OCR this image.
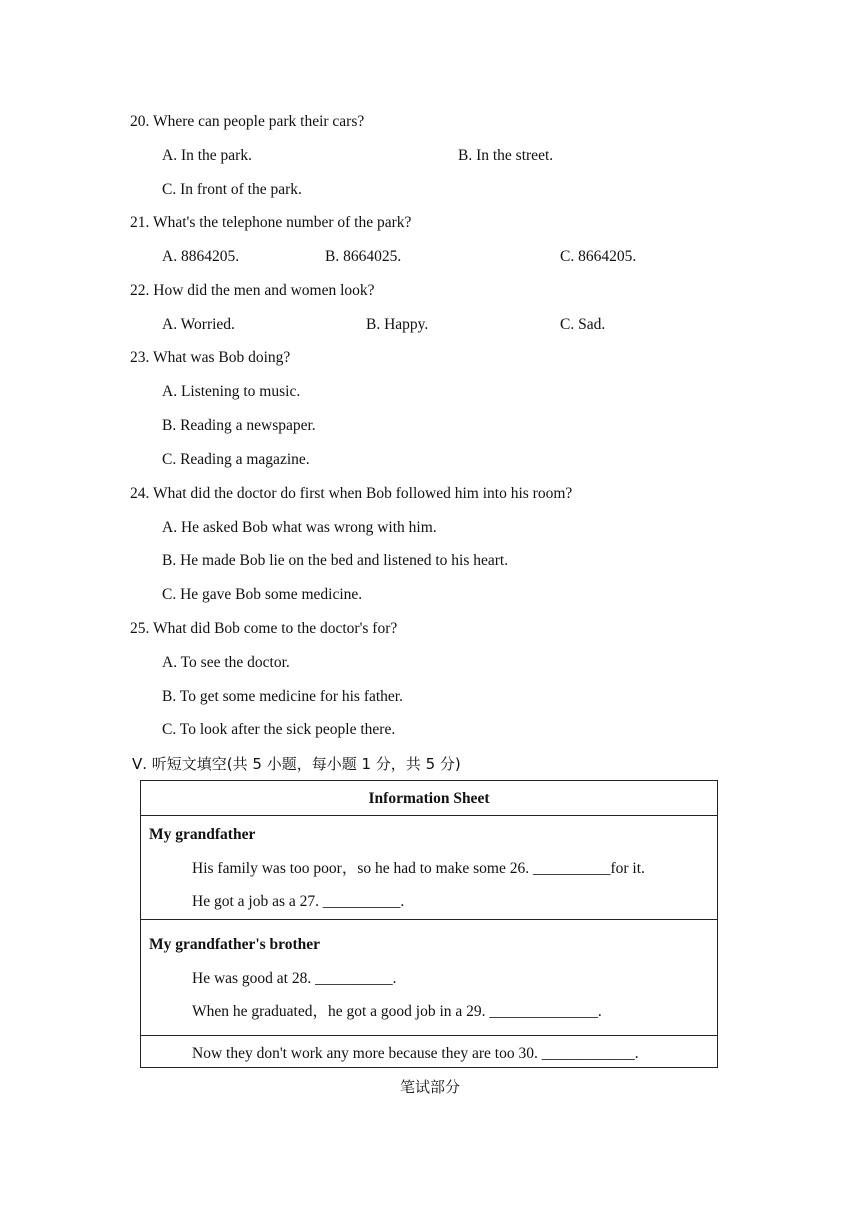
20. Where can people park their cars?
A. In the park.	B. In the street.
C. In front of the park.
21. What's the telephone number of the park?
A. 8864205.	B. 8664025.	C. 8664205.
22. How did the men and women look?
A. Worried.	B. Happy.	C. Sad.
23. What was Bob doing?
A. Listening to music.
B. Reading a newspaper.
C. Reading a magazine.
24. What did the doctor do first when Bob followed him into his room?
A. He asked Bob what was wrong with him.
B. He made Bob lie on the bed and listened to his heart.
C. He gave Bob some medicine.
25. What did Bob come to the doctor's for?
A. To see the doctor.
B. To get some medicine for his father.
C. To look after the sick people there.
Ⅴ. 听短文填空(共 5 小题，每小题 1 分，共 5 分)
Information Sheet
My grandfather
His family was too poor，so he had to make some 26. __________for it.
He got a job as a 27. __________.
My grandfather's brother
He was good at 28. __________.
When he graduated，he got a good job in a 29. ______________.
Now they don't work any more because they are too 30. ____________.
笔试部分
